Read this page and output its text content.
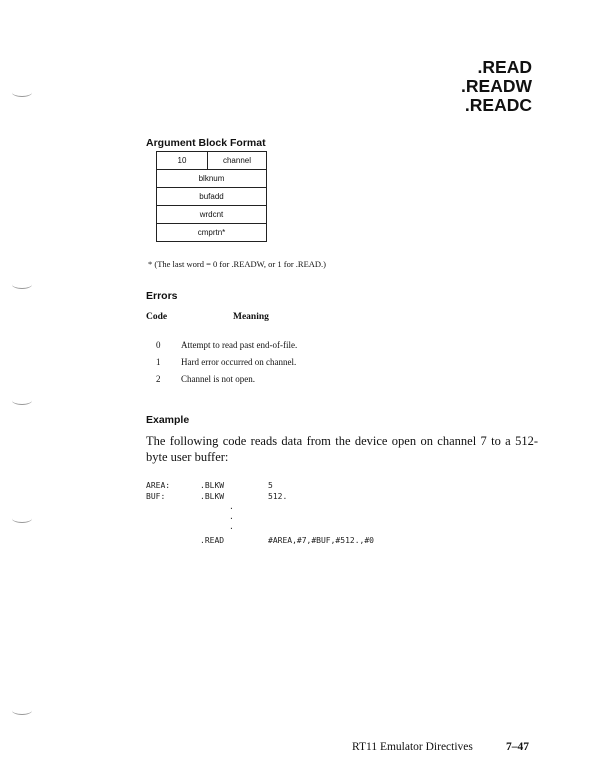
.READ
.READW
.READC
Argument Block Format
10	channel
blknum
bufadd
wrdcnt
cmprtn*
* (The last word = 0 for .READW, or 1 for .READ.)
Errors
Code	Meaning
0 Attempt to read past end-of-file.
1 Hard error occurred on channel.
2 Channel is not open.
Example
The following code reads data from the device open on channel 7 to a 512-byte user buffer:
AREA:	.BLKW	5
BUF:	.BLKW	512.
.
.
.
.READ	#AREA,#7,#BUF,#512.,#0
RT11 Emulator Directives	7–47
